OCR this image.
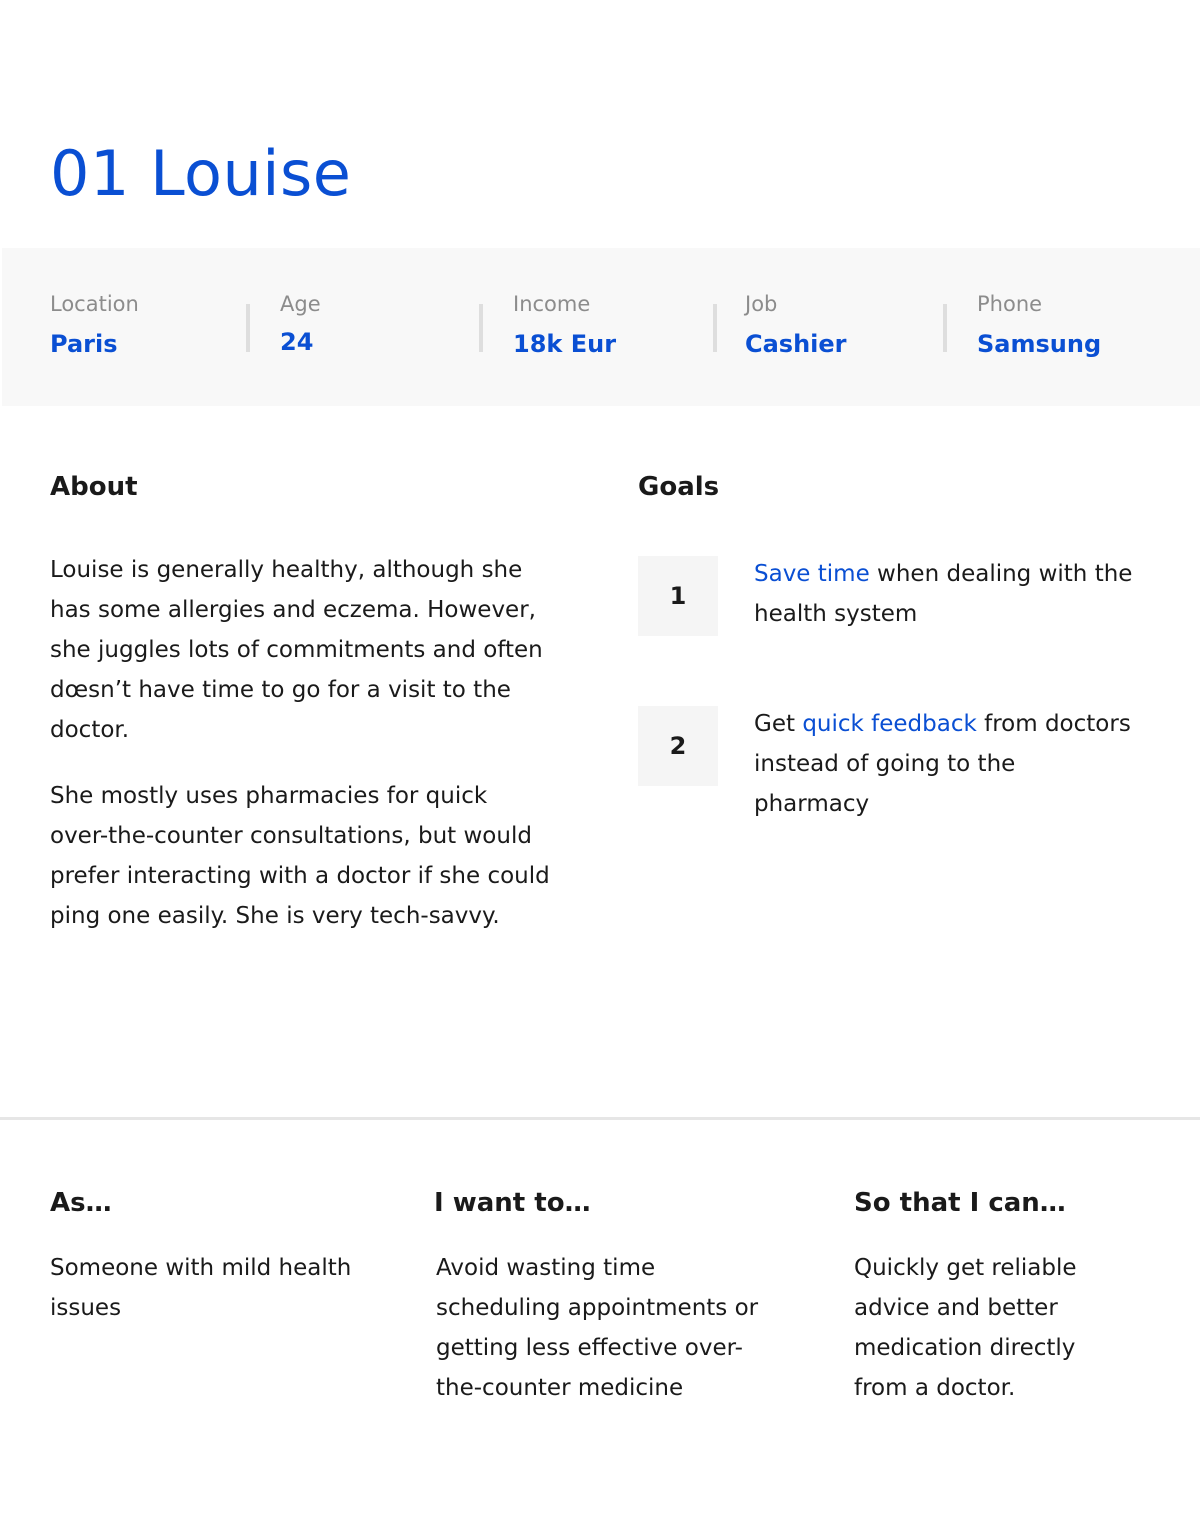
01 Louise
Location
Paris
Age
24
Income
18k Eur
Job
Cashier
Phone
Samsung
About

Louise is generally healthy, although she has some allergies and eczema. However, she juggles lots of commitments and often dœsn’t have time to go for a visit to the doctor.

She mostly uses pharmacies for quick over-the-counter consultations, but would prefer interacting with a doctor if she could ping one easily. She is very tech-savvy.

Goals
1

Save time when dealing with the health system

2

Get quick feedback from doctors instead of going to the pharmacy

As…

Someone with mild health issues

I want to…

Avoid wasting time scheduling appointments or getting less effective over-the-counter medicine

So that I can…

Quickly get reliable advice and better medication directly from a doctor.
